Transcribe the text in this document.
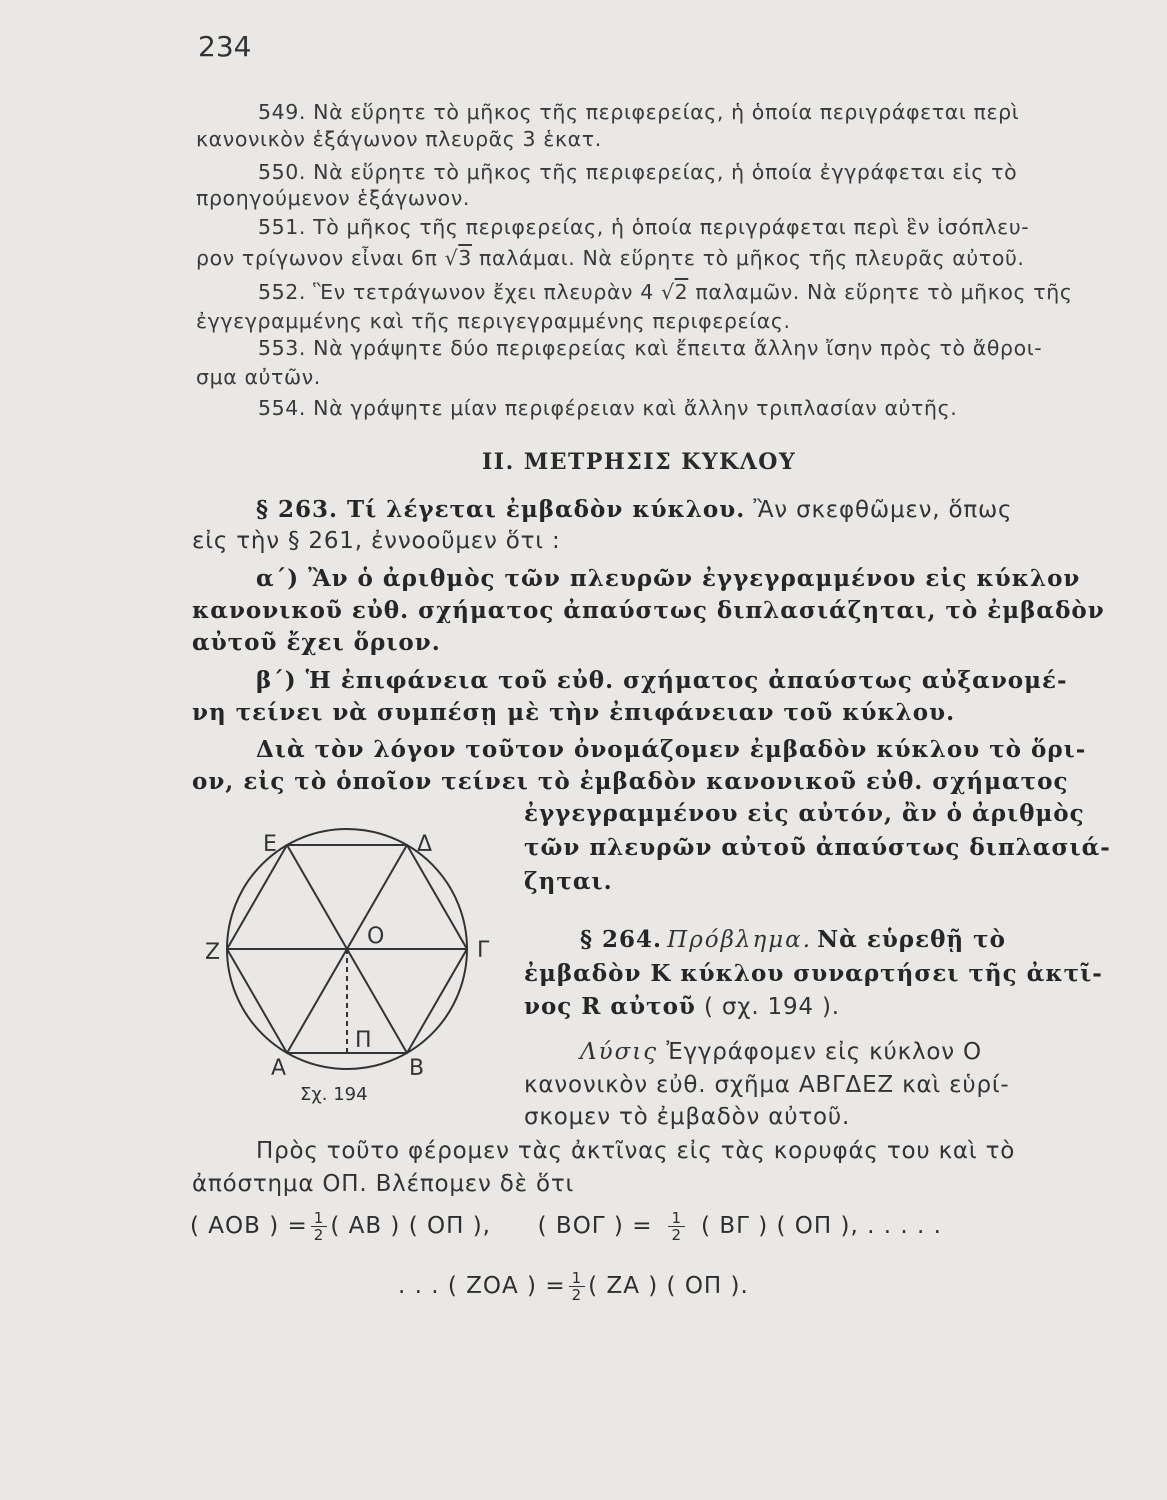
234
549. Νὰ εὕρητε τὸ μῆκος τῆς περιφερείας, ἡ ὁποία περιγράφεται περὶ
κανονικὸν ἑξάγωνον πλευρᾶς 3 ἑκατ.
550. Νὰ εὕρητε τὸ μῆκος τῆς περιφερείας, ἡ ὁποία ἐγγράφεται εἰς τὸ
προηγούμενον ἑξάγωνον.
551. Τὸ μῆκος τῆς περιφερείας, ἡ ὁποία περιγράφεται περὶ ἓν ἰσόπλευ-
ρον τρίγωνον εἶναι 6π √3 παλάμαι. Νὰ εὕρητε τὸ μῆκος τῆς πλευρᾶς αὐτοῦ.
552. Ἓν τετράγωνον ἔχει πλευρὰν 4 √2 παλαμῶν. Νὰ εὕρητε τὸ μῆκος τῆς
ἐγγεγραμμένης καὶ τῆς περιγεγραμμένης περιφερείας.
553. Νὰ γράψητε δύο περιφερείας καὶ ἔπειτα ἄλλην ἴσην πρὸς τὸ ἄθροι-
σμα αὐτῶν.
554. Νὰ γράψητε μίαν περιφέρειαν καὶ ἄλλην τριπλασίαν αὐτῆς.
II. ΜΕΤΡΗΣΙΣ ΚΥΚΛΟΥ
§ 263. Τί λέγεται ἐμβαδὸν κύκλου. Ἂν σκεφθῶμεν, ὅπως
εἰς τὴν § 261, ἐννοοῦμεν ὅτι :
α΄) Ἂν ὁ ἀριθμὸς τῶν πλευρῶν ἐγγεγραμμένου εἰς κύκλον
κανονικοῦ εὐθ. σχήματος ἀπαύστως διπλασιάζηται, τὸ ἐμβαδὸν
αὐτοῦ ἔχει ὅριον.
β΄) Ἡ ἐπιφάνεια τοῦ εὐθ. σχήματος ἀπαύστως αὐξανομέ-
νη τείνει νὰ συμπέσῃ μὲ τὴν ἐπιφάνειαν τοῦ κύκλου.
Διὰ τὸν λόγον τοῦτον ὀνομάζομεν ἐμβαδὸν κύκλου τὸ ὅρι-
ον, εἰς τὸ ὁποῖον τείνει τὸ ἐμβαδὸν κανονικοῦ εὐθ. σχήματος
ἐγγεγραμμένου εἰς αὐτόν, ἂν ὁ ἀριθμὸς
τῶν πλευρῶν αὐτοῦ ἀπαύστως διπλασιά-
ζηται.
Ε	Δ
Ζ
Ο
Γ
Α
Π
Β
Σχ. 194
§ 264. Πρόβλημα. Νὰ εὑρεθῇ τὸ
ἐμβαδὸν Κ κύκλου συναρτήσει τῆς ἀκτῖ-
νος R αὐτοῦ ( σχ. 194 ).
Λύσις Ἐγγράφομεν εἰς κύκλον Ο
κανονικὸν εὐθ. σχῆμα ΑΒΓΔΕΖ καὶ εὑρί-
σκομεν τὸ ἐμβαδὸν αὐτοῦ.
Πρὸς τοῦτο φέρομεν τὰς ἀκτῖνας εἰς τὰς κορυφάς του καὶ τὸ
ἀπόστημα ΟΠ. Βλέπομεν δὲ ὅτι
( ΑΟΒ ) = $\frac{1}{2}$ ( ΑΒ ) ( ΟΠ ), ( ΒΟΓ ) = $\frac{1}{2}$ ( ΒΓ ) ( ΟΠ ), . . . . .
. . . ( ΖΟΑ ) = $\frac{1}{2}$ ( ΖΑ ) ( ΟΠ ).
